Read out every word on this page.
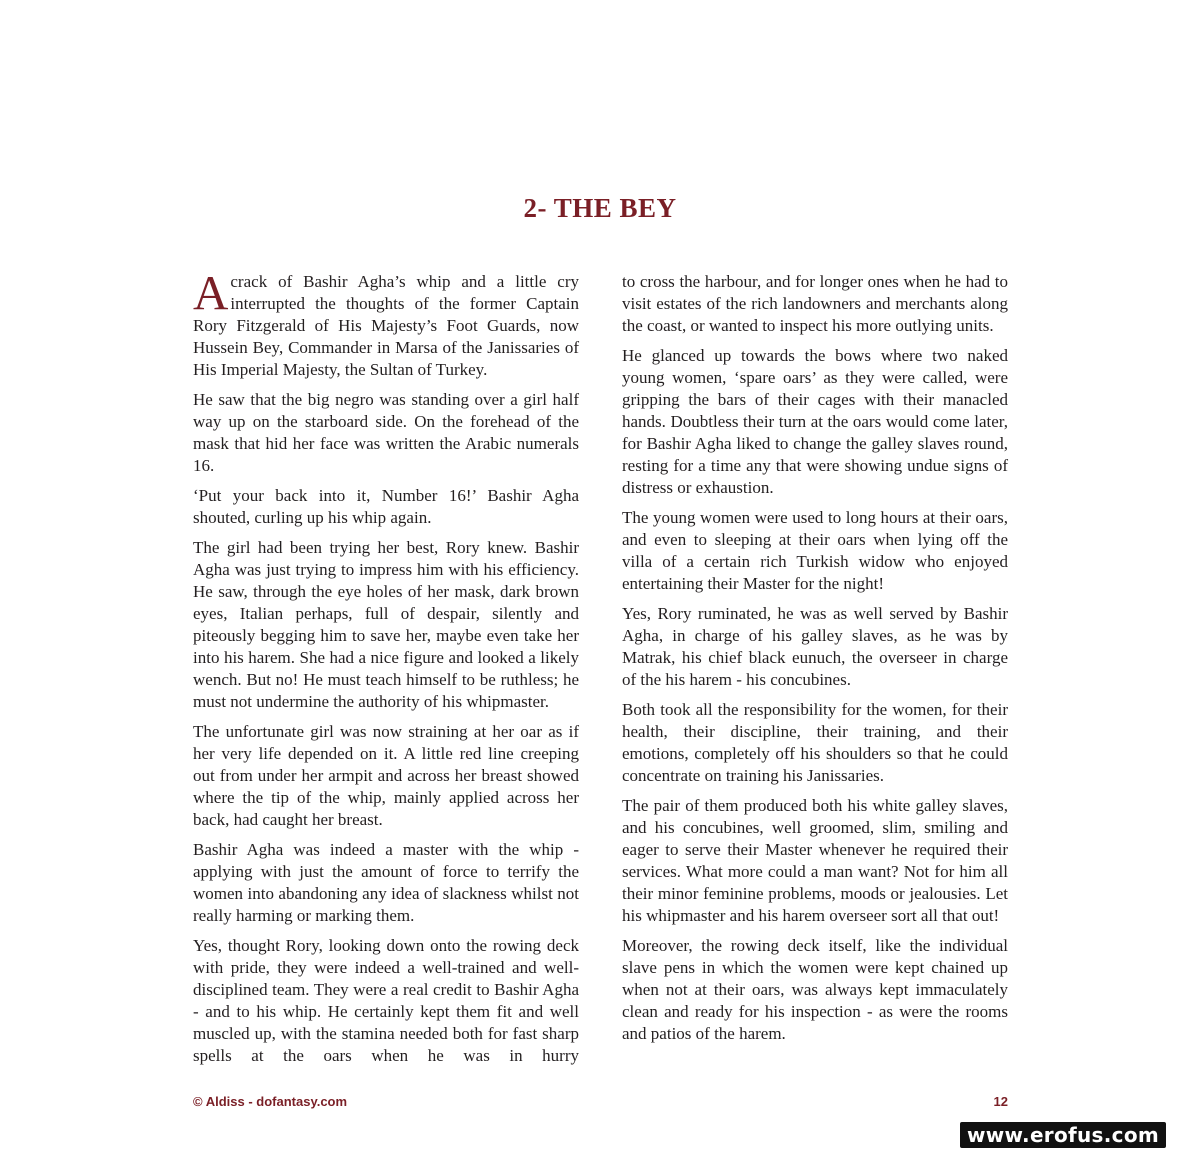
2- THE BEY

A crack of Bashir Agha’s whip and a little cry interrupted the thoughts of the former Captain Rory Fitzgerald of His Majesty’s Foot Guards, now Hussein Bey, Commander in Marsa of the Janissaries of His Imperial Majesty, the Sultan of Turkey.

He saw that the big negro was standing over a girl half way up on the starboard side. On the forehead of the mask that hid her face was written the Arabic numerals 16.

‘Put your back into it, Number 16!’ Bashir Agha shouted, curling up his whip again.

The girl had been trying her best, Rory knew. Bashir Agha was just trying to impress him with his efficiency. He saw, through the eye holes of her mask, dark brown eyes, Italian perhaps, full of despair, silently and piteously begging him to save her, maybe even take her into his harem. She had a nice figure and looked a likely wench. But no! He must teach himself to be ruthless; he must not undermine the authority of his whipmaster.

The unfortunate girl was now straining at her oar as if her very life depended on it. A little red line creeping out from under her armpit and across her breast showed where the tip of the whip, mainly applied across her back, had caught her breast.

Bashir Agha was indeed a master with the whip - applying with just the amount of force to terrify the women into abandoning any idea of slackness whilst not really harming or marking them.

Yes, thought Rory, looking down onto the rowing deck with pride, they were indeed a well-trained and well-disciplined team. They were a real credit to Bashir Agha - and to his whip. He certainly kept them fit and well muscled up, with the stamina needed both for fast sharp spells at the oars when he was in hurry

to cross the harbour, and for longer ones when he had to visit estates of the rich landowners and merchants along the coast, or wanted to inspect his more outlying units.

He glanced up towards the bows where two naked young women, ‘spare oars’ as they were called, were gripping the bars of their cages with their manacled hands. Doubtless their turn at the oars would come later, for Bashir Agha liked to change the galley slaves round, resting for a time any that were showing undue signs of distress or exhaustion.

The young women were used to long hours at their oars, and even to sleeping at their oars when lying off the villa of a certain rich Turkish widow who enjoyed entertaining their Master for the night!

Yes, Rory ruminated, he was as well served by Bashir Agha, in charge of his galley slaves, as he was by Matrak, his chief black eunuch, the overseer in charge of the his harem - his concubines.

Both took all the responsibility for the women, for their health, their discipline, their training, and their emotions, completely off his shoulders so that he could concentrate on training his Janissaries.

The pair of them produced both his white galley slaves, and his concubines, well groomed, slim, smiling and eager to serve their Master whenever he required their services. What more could a man want? Not for him all their minor feminine problems, moods or jealousies. Let his whipmaster and his harem overseer sort all that out!

Moreover, the rowing deck itself, like the individual slave pens in which the women were kept chained up when not at their oars, was always kept immaculately clean and ready for his inspection - as were the rooms and patios of the harem.

© Aldiss - dofantasy.com	12
www.erofus.com
